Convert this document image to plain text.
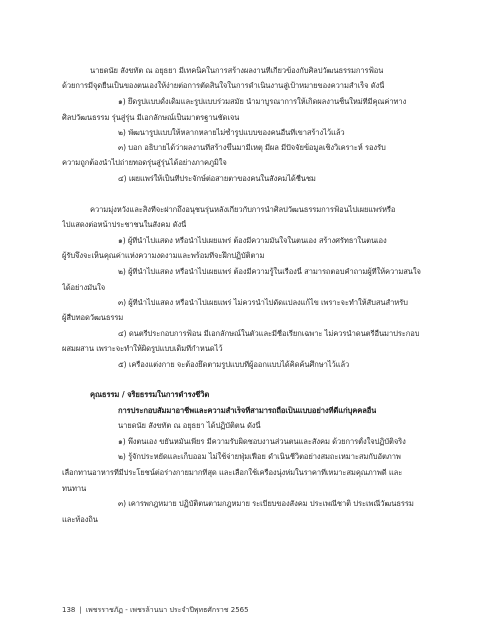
นายดนัย สังขทัต ณ อยุธยา มีเทคนิคในการสร้างผลงานที่เกี่ยวข้องกับศิลปวัฒนธรรมการฟ้อน
ด้วยการมีจุดยืนเป็นของตนเองให้ง่ายต่อการตัดสินใจในการดำเนินงานสู่เป้าหมายของความสำเร็จ ดังนี้
๑) ยึดรูปแบบดั้งเดิมและรูปแบบร่วมสมัย นำมาบูรณาการให้เกิดผลงานชิ้นใหม่ที่มีคุณค่าทาง
ศิลปวัฒนธรรม รุ่นสู่รุ่น มีเอกลักษณ์เป็นมาตรฐานชัดเจน
๒) พัฒนารูปแบบให้หลากหลายไม่ซ้ำรูปแบบของคนอื่นที่เขาสร้างไว้แล้ว
๓) บอก อธิบายได้ว่าผลงานที่สร้างขึ้นมามีเหตุ มีผล มีปัจจัยข้อมูลเชิงวิเคราะห์ รองรับ
ความถูกต้องนำไปถ่ายทอดรุ่นสู่รุ่นได้อย่างภาคภูมิใจ
๔) เผยแพร่ให้เป็นที่ประจักษ์ต่อสายตาของคนในสังคมได้ชื่นชม
ความมุ่งหวังและสิ่งที่จะฝากถึงอนุชนรุ่นหลังเกี่ยวกับการนำศิลปวัฒนธรรมการฟ้อนไปเผยแพร่หรือ
ไปแสดงต่อหน้าประชาชนในสังคม ดังนี้
๑) ผู้ที่นำไปแสดง หรือนำไปเผยแพร่ ต้องมีความมั่นใจในตนเอง สร้างศรัทธาในตนเอง
ผู้รับจึงจะเห็นคุณค่าแห่งความงดงามและพร้อมที่จะฝึกปฏิบัติตาม
๒) ผู้ที่นำไปแสดง หรือนำไปเผยแพร่ ต้องมีความรู้ในเรื่องนี้ สามารถตอบคำถามผู้ที่ให้ความสนใจ
ได้อย่างมั่นใจ
๓) ผู้ที่นำไปแสดง หรือนำไปเผยแพร่ ไม่ควรนำไปดัดแปลงแก้ไข เพราะจะทำให้สับสนสำหรับ
ผู้สืบทอดวัฒนธรรม
๔) ดนตรีประกอบการฟ้อน มีเอกลักษณ์ในตัวและมีชื่อเรียกเฉพาะ ไม่ควรนำดนตรีอื่นมาประกอบ
ผสมผสาน เพราะจะทำให้ผิดรูปแบบเดิมที่กำหนดไว้
๕) เครื่องแต่งกาย จะต้องยึดตามรูปแบบที่ผู้ออกแบบได้คิดค้นศึกษาไว้แล้ว
คุณธรรม / จริยธรรมในการดำรงชีวิต
การประกอบสัมมาอาชีพและความสำเร็จที่สามารถถือเป็นแบบอย่างที่ดีแก่บุคคลอื่น
นายดนัย สังขทัต ณ อยุธยา ได้ปฏิบัติตน ดังนี้
๑) พึ่งตนเอง ขยันหมั่นเพียร มีความรับผิดชอบงานส่วนตนและสังคม ด้วยการตั้งใจปฏิบัติจริง
๒) รู้จักประหยัดและเก็บออม ไม่ใช้จ่ายฟุ่มเฟือย ดำเนินชีวิตอย่างสมถะเหมาะสมกับอัตภาพ
เลือกทานอาหารที่มีประโยชน์ต่อร่างกายมากที่สุด และเลือกใช้เครื่องนุ่งห่มในราคาที่เหมาะสมคุณภาพดี และ
ทนทาน
๓) เคารพกฎหมาย ปฏิบัติตนตามกฎหมาย ระเบียบของสังคม ประเพณีชาติ ประเพณีวัฒนธรรม
และท้องถิ่น
138 | เพชรราชภัฏ - เพชรล้านนา ประจำปีพุทธศักราช 2565
